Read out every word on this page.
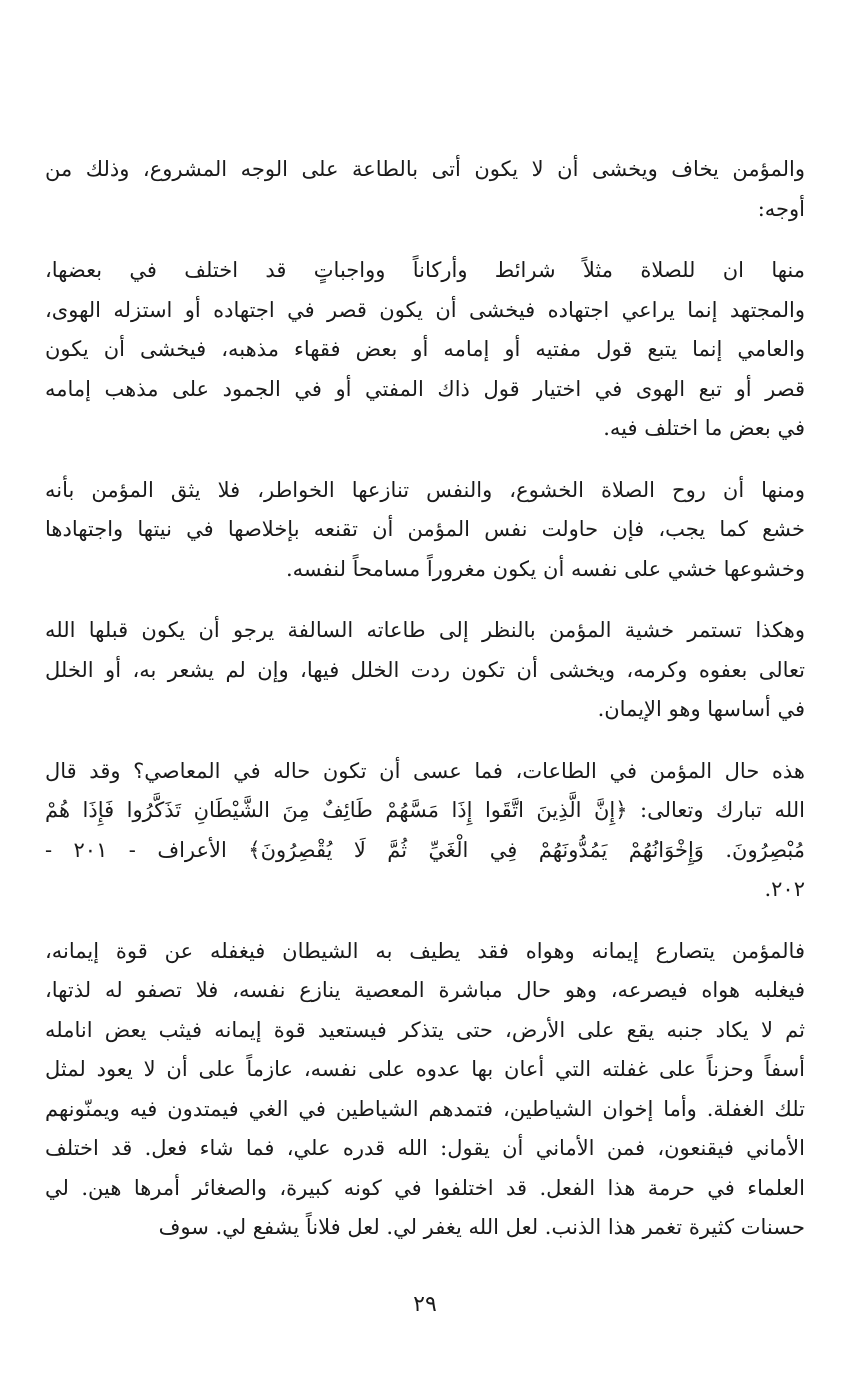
والمؤمن يخاف ويخشى أن لا يكون أتى بالطاعة على الوجه المشروع، وذلك من
أوجه:

منها ان للصلاة مثلاً شرائط وأركاناً وواجباتٍ قد اختلف في بعضها،
والمجتهد إنما يراعي اجتهاده فيخشى أن يكون قصر في اجتهاده أو استزله الهوى،
والعامي إنما يتبع قول مفتيه أو إمامه أو بعض فقهاء مذهبه، فيخشى أن يكون
قصر أو تبع الهوى في اختيار قول ذاك المفتي أو في الجمود على مذهب إمامه
في بعض ما اختلف فيه.

ومنها أن روح الصلاة الخشوع، والنفس تنازعها الخواطر، فلا يثق المؤمن بأنه
خشع كما يجب، فإن حاولت نفس المؤمن أن تقنعه بإخلاصها في نيتها واجتهادها
وخشوعها خشي على نفسه أن يكون مغروراً مسامحاً لنفسه.

وهكذا تستمر خشية المؤمن بالنظر إلى طاعاته السالفة يرجو أن يكون قبلها الله
تعالى بعفوه وكرمه، ويخشى أن تكون ردت الخلل فيها، وإن لم يشعر به، أو الخلل
في أساسها وهو الإيمان.

هذه حال المؤمن في الطاعات، فما عسى أن تكون حاله في المعاصي؟ وقد قال
الله تبارك وتعالى: ﴿إِنَّ الَّذِينَ اتَّقَوا إِذَا مَسَّهُمْ طَائِفٌ مِنَ الشَّيْطَانِ تَذَكَّرُوا فَإِذَا هُمْ
مُبْصِرُونَ. وَإِخْوَانُهُمْ يَمُدُّونَهُمْ فِي الْغَيِّ ثُمَّ لَا يُقْصِرُونَ﴾ الأعراف - ٢٠١ -
٢٠٢.

فالمؤمن يتصارع إيمانه وهواه فقد يطيف به الشيطان فيغفله عن قوة إيمانه،
فيغلبه هواه فيصرعه، وهو حال مباشرة المعصية ينازع نفسه، فلا تصفو له لذتها،
ثم لا يكاد جنبه يقع على الأرض، حتى يتذكر فيستعيد قوة إيمانه فيثب يعض انامله
أسفاً وحزناً على غفلته التي أعان بها عدوه على نفسه، عازماً على أن لا يعود لمثل
تلك الغفلة. وأما إخوان الشياطين، فتمدهم الشياطين في الغي فيمتدون فيه ويمنّونهم
الأماني فيقنعون، فمن الأماني أن يقول: الله قدره علي، فما شاء فعل. قد اختلف
العلماء في حرمة هذا الفعل. قد اختلفوا في كونه كبيرة، والصغائر أمرها هين. لي
حسنات كثيرة تغمر هذا الذنب. لعل الله يغفر لي. لعل فلاناً يشفع لي. سوف

٢٩
